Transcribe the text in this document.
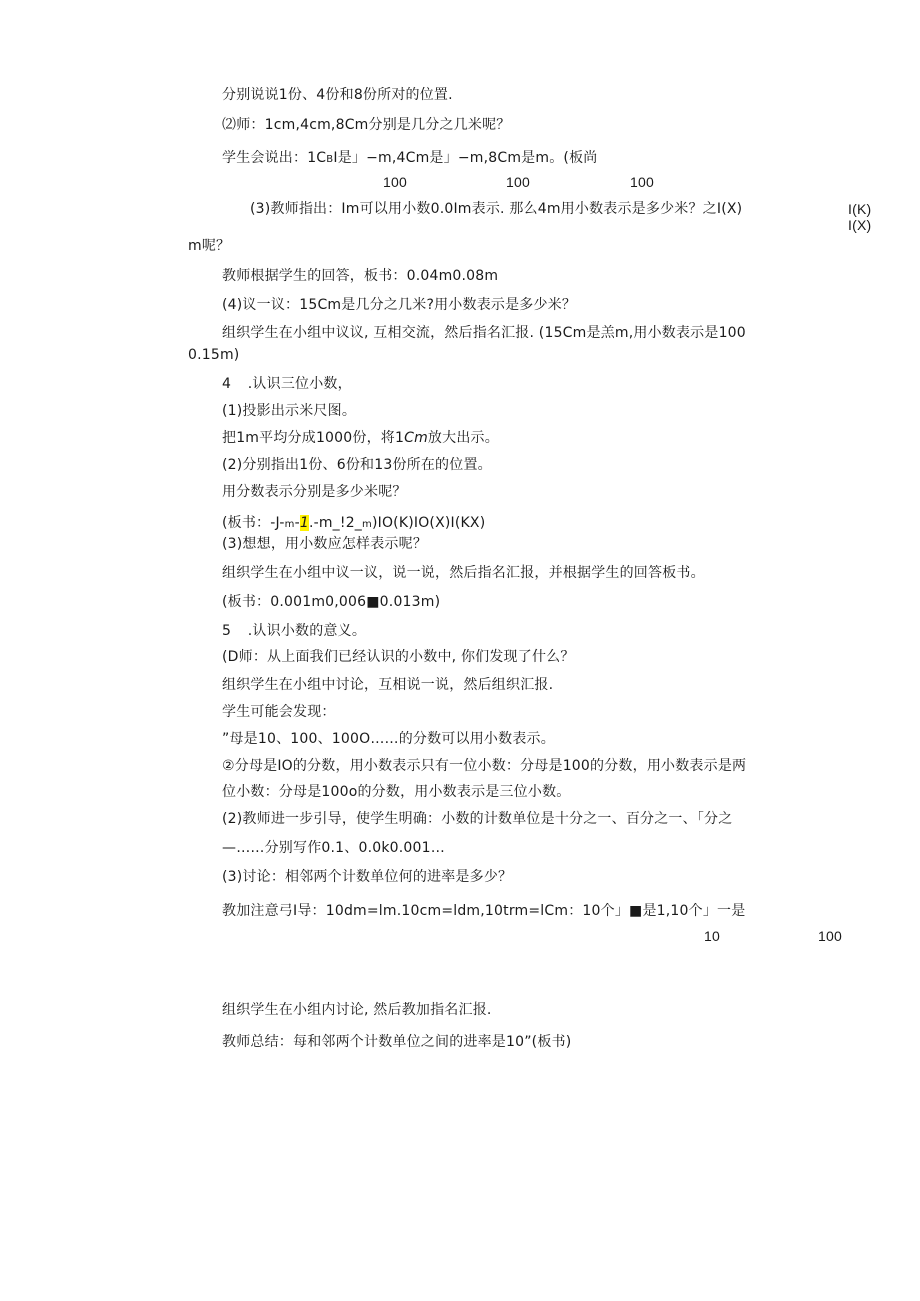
分别说说1份、4份和8份所对的位置.
⑵师：1cm,4cm,8Cm分别是几分之几米呢？
学生会说出：1CBI是」−m,4Cm是」−m,8Cm是m。(板尚
100	100	100
(3)教师指出：Im可以用小数0.0Im表示. 那么4m用小数表示是多少米？之I(X)	I(K)
I(X)
m呢？
教师根据学生的回答，板书：0.04m0.08m
(4)议一议：15Cm是几分之几米?用小数表示是多少米？
组织学生在小组中议议, 互相交流，然后指名汇报. (15Cm是羔m,用小数表示是100
0.15m)
4 .认识三位小数，
(1)投影出示米尺图。
把1m平均分成1000份，将1Cm放大出示。
(2)分别指出1份、6份和13份所在的位置。
用分数表示分别是多少米呢？
(板书：-J-m-1.-m_!2_m)IO(K)IO(X)I(KX)
(3)想想，用小数应怎样表示呢？
组织学生在小组中议一议，说一说，然后指名汇报，并根据学生的回答板书。
(板书：0.001m0,006■0.013m)
5 .认识小数的意义。
(D师：从上面我们已经认识的小数中, 你们发现了什么？
组织学生在小组中讨论，互相说一说，然后组织汇报.
学生可能会发现：
”母是10、100、100O……的分数可以用小数表示。
②分母是IO的分数，用小数表示只有一位小数：分母是100的分数，用小数表示是两
位小数：分母是100o的分数，用小数表示是三位小数。
(2)教师进一步引导，使学生明确：小数的计数单位是十分之一、百分之一、「分之
—……分别写作0.1、0.0k0.001…
(3)讨论：相邻两个计数单位何的进率是多少？
教加注意弓I导：10dm=lm.10cm=ldm,10trm=lCm：10个」■是1,10个」一是
10	100
组织学生在小组内讨论, 然后教加指名汇报.
教师总结：每和邻两个计数单位之间的进率是10”(板书)
